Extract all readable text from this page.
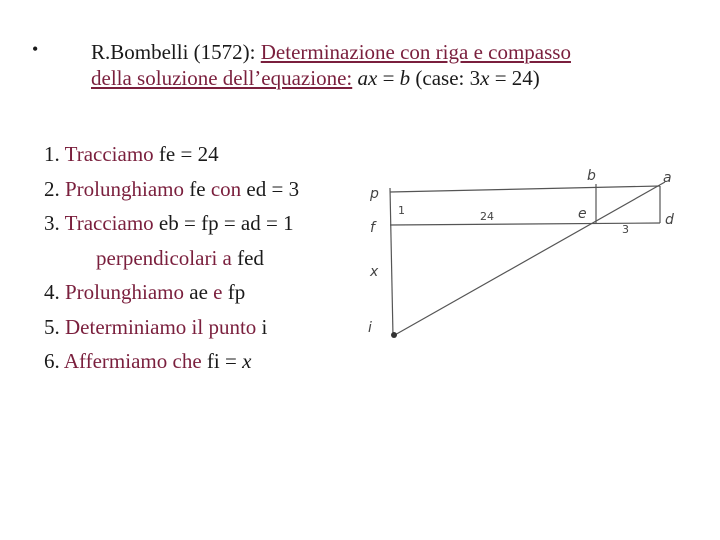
•	R.Bombelli (1572): Determinazione con riga e compasso
della soluzione dell’equazione: ax = b (case: 3x = 24)
1. Tracciamo fe = 24
2. Prolunghiamo fe con ed = 3
3. Tracciamo eb = fp = ad = 1
perpendicolari a fed
4. Prolunghiamo ae e fp
5. Determiniamo il punto i
6. Affermiamo che fi = x
p
f
x
i
b	a
e	d
1	24
3
